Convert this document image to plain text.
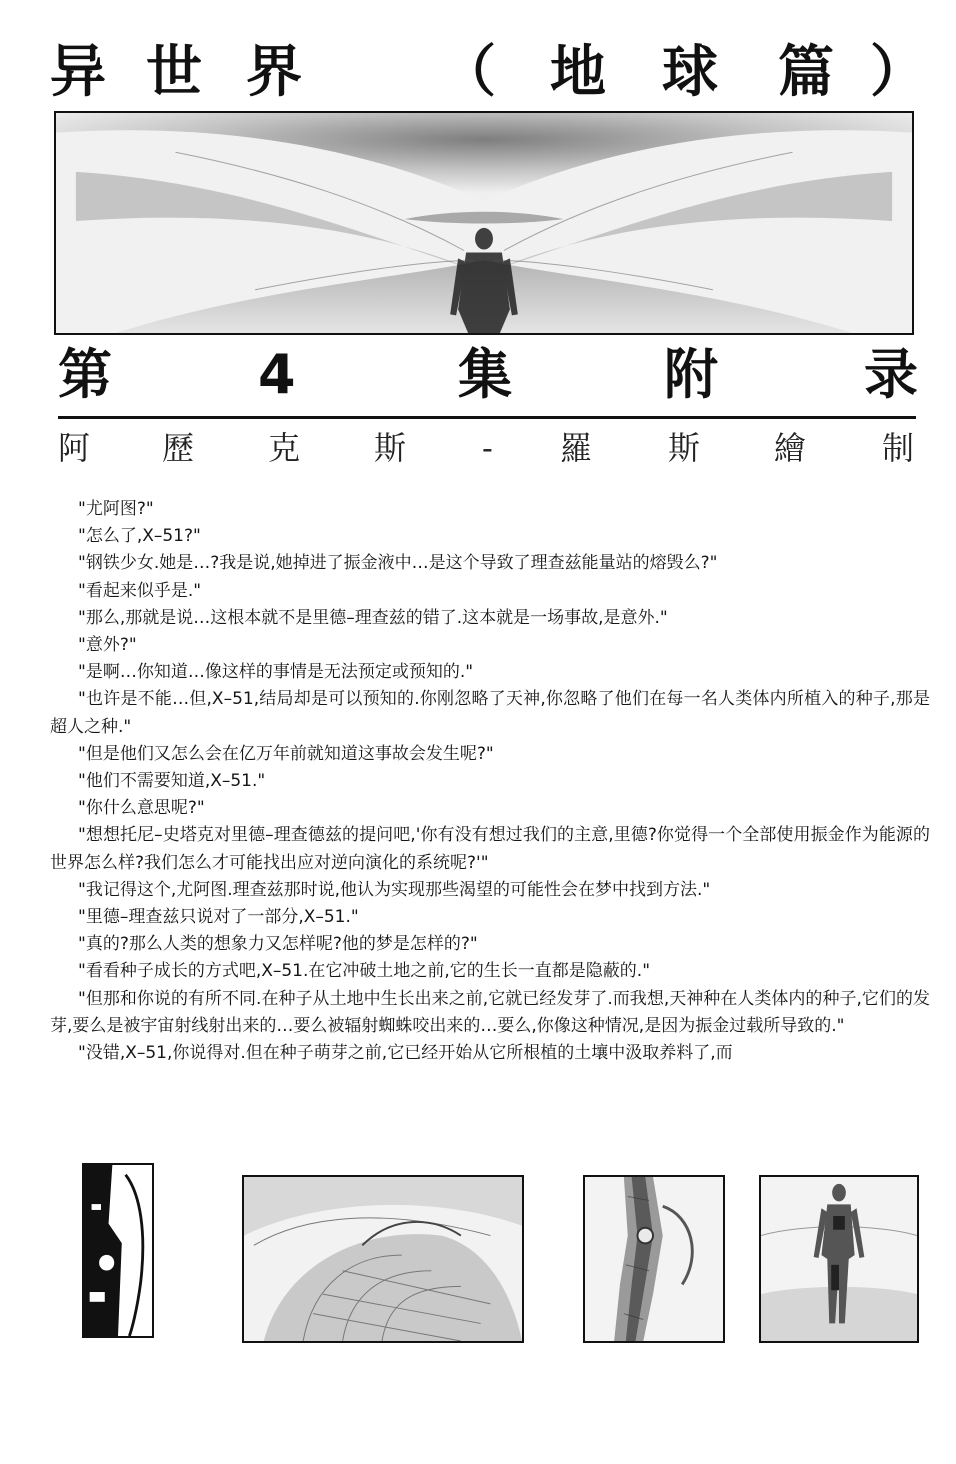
异 世 界 （ 地 球 篇 ）
第	4	集	附	录
阿 歷 克 斯 - 羅 斯 繪 制

"尤阿图?"

"怎么了,X–51?"

"钢铁少女.她是…?我是说,她掉进了振金液中…是这个导致了理查兹能量站的熔毁么?"

"看起来似乎是."

"那么,那就是说…这根本就不是里德–理查兹的错了.这本就是一场事故,是意外."

"意外?"

"是啊…你知道…像这样的事情是无法预定或预知的."

"也许是不能…但,X–51,结局却是可以预知的.你刚忽略了天神,你忽略了他们在每一名人类体内所植入的种子,那是超人之种."

"但是他们又怎么会在亿万年前就知道这事故会发生呢?"

"他们不需要知道,X–51."

"你什么意思呢?"

"想想托尼–史塔克对里德–理查德兹的提问吧,'你有没有想过我们的主意,里德?你觉得一个全部使用振金作为能源的世界怎么样?我们怎么才可能找出应对逆向演化的系统呢?'"

"我记得这个,尤阿图.理查兹那时说,他认为实现那些渴望的可能性会在梦中找到方法."

"里德–理查兹只说对了一部分,X–51."

"真的?那么人类的想象力又怎样呢?他的梦是怎样的?"

"看看种子成长的方式吧,X–51.在它冲破土地之前,它的生长一直都是隐蔽的."

"但那和你说的有所不同.在种子从土地中生长出来之前,它就已经发芽了.而我想,天神种在人类体内的种子,它们的发芽,要么是被宇宙射线射出来的…要么被辐射蜘蛛咬出来的…要么,你像这种情况,是因为振金过载所导致的."

"没错,X–51,你说得对.但在种子萌芽之前,它已经开始从它所根植的土壤中汲取养料了,而
